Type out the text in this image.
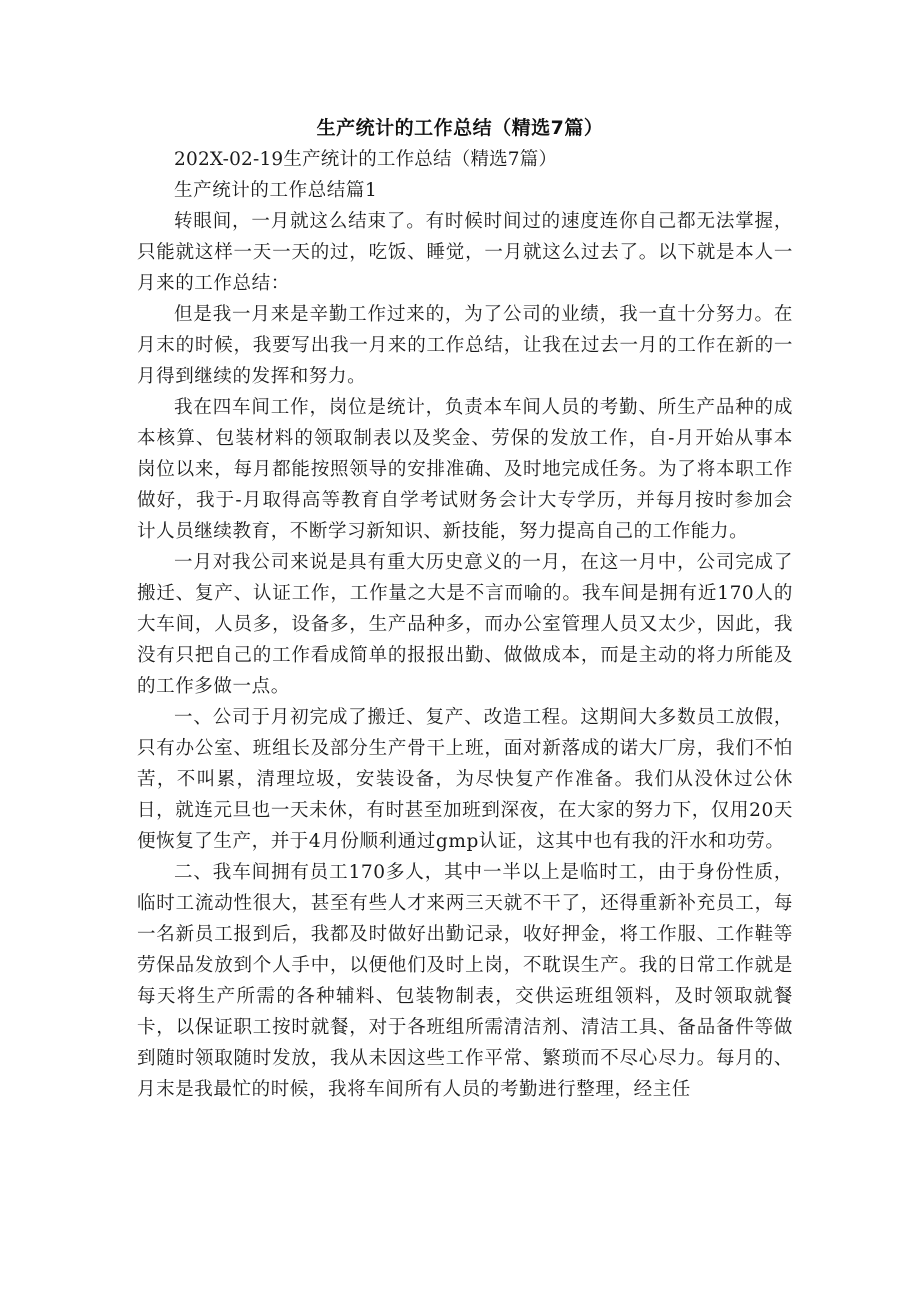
生产统计的工作总结（精选7篇）

202X-02-19生产统计的工作总结（精选7篇）

生产统计的工作总结篇1

转眼间，一月就这么结束了。有时候时间过的速度连你自己都无法掌握，只能就这样一天一天的过，吃饭、睡觉，一月就这么过去了。以下就是本人一月来的工作总结：

但是我一月来是辛勤工作过来的，为了公司的业绩，我一直十分努力。在月末的时候，我要写出我一月来的工作总结，让我在过去一月的工作在新的一月得到继续的发挥和努力。

我在四车间工作，岗位是统计，负责本车间人员的考勤、所生产品种的成本核算、包装材料的领取制表以及奖金、劳保的发放工作，自-月开始从事本岗位以来，每月都能按照领导的安排准确、及时地完成任务。为了将本职工作做好，我于-月取得高等教育自学考试财务会计大专学历，并每月按时参加会计人员继续教育，不断学习新知识、新技能，努力提高自己的工作能力。

一月对我公司来说是具有重大历史意义的一月，在这一月中，公司完成了搬迁、复产、认证工作，工作量之大是不言而喻的。我车间是拥有近170人的大车间，人员多，设备多，生产品种多，而办公室管理人员又太少，因此，我没有只把自己的工作看成简单的报报出勤、做做成本，而是主动的将力所能及的工作多做一点。

一、公司于月初完成了搬迁、复产、改造工程。这期间大多数员工放假，只有办公室、班组长及部分生产骨干上班，面对新落成的诺大厂房，我们不怕苦，不叫累，清理垃圾，安装设备，为尽快复产作准备。我们从没休过公休日，就连元旦也一天未休，有时甚至加班到深夜，在大家的努力下，仅用20天便恢复了生产，并于4月份顺利通过gmp认证，这其中也有我的汗水和功劳。

二、我车间拥有员工170多人，其中一半以上是临时工，由于身份性质，临时工流动性很大，甚至有些人才来两三天就不干了，还得重新补充员工，每一名新员工报到后，我都及时做好出勤记录，收好押金，将工作服、工作鞋等劳保品发放到个人手中，以便他们及时上岗，不耽误生产。我的日常工作就是每天将生产所需的各种辅料、包装物制表，交供运班组领料，及时领取就餐卡，以保证职工按时就餐，对于各班组所需清洁剂、清洁工具、备品备件等做到随时领取随时发放，我从未因这些工作平常、繁琐而不尽心尽力。每月的、月末是我最忙的时候，我将车间所有人员的考勤进行整理，经主任
